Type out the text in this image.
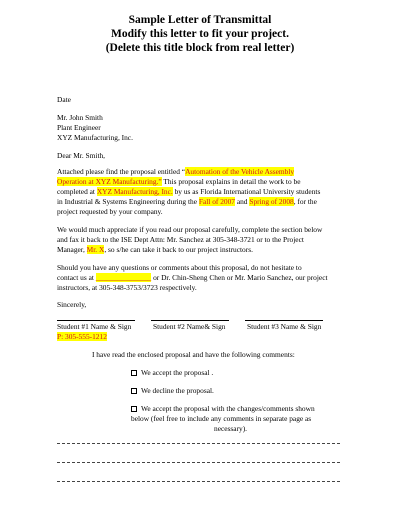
Sample Letter of Transmittal
Modify this letter to fit your project.
(Delete this title block from real letter)
Date
Mr. John Smith
Plant Engineer
XYZ Manufacturing, Inc.
Dear Mr. Smith,
Attached please find the proposal entitled “Automation of the Vehicle Assembly
Operation at XYZ Manufacturing.” This proposal explains in detail the work to be
completed at XYZ Manufacturing, Inc. by us as Florida International University students
in Industrial & Systems Engineering during the Fall of 2007 and Spring of 2008, for the
project requested by your company.
We would much appreciate if you read our proposal carefully, complete the section below
and fax it back to the ISE Dept Attn: Mr. Sanchez at 305-348-3721 or to the Project
Manager, Mr. X, so s/he can take it back to our project instructors.
Should you have any questions or comments about this proposal, do not hesitate to
contact us at _______________ or Dr. Chin-Sheng Chen or Mr. Mario Sanchez, our project
instructors, at 305-348-3753/3723 respectively.
Sincerely,
Student #1 Name & Sign	Student #2 Name& Sign	Student #3 Name & Sign
P: 305-555-1212
I have read the enclosed proposal and have the following comments:
We accept the proposal .
We decline the proposal.
We accept the proposal with the changes/comments shown
below (feel free to include any comments in separate page as
necessary).
